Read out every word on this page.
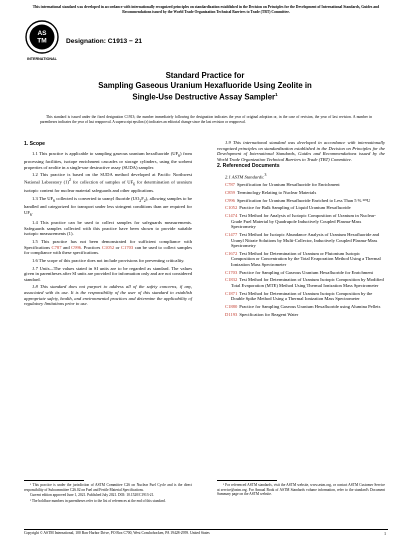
This international standard was developed in accordance with internationally recognized principles on standardization established in the Decision on Principles for the Development of International Standards, Guides and Recommendations issued by the World Trade Organization Technical Barriers to Trade (TBT) Committee.
AS
TM
INTERNATIONAL
Designation: C1913 − 21
Standard Practice for
Sampling Gaseous Uranium Hexafluoride Using Zeolite in
Single-Use Destructive Assay Sampler$^1$

This standard is issued under the fixed designation C1913; the number immediately following the designation indicates the year of original adoption or, in the case of revision, the year of last revision. A number in parentheses indicates the year of last reapproval. A superscript epsilon (ε) indicates an editorial change since the last revision or reapproval.

1. Scope

1.1 This practice is applicable to sampling gaseous uranium hexafluoride $(UF_6)$ from processing facilities, isotope enrichment cascades or storage cylinders, using the sorbent properties of zeolite in a single-use destructive assay (SUDA) sampler.

1.2 This practice is based on the SUDA method developed at Pacific Northwest National Laboratory $(1)^2$ for collection of samples of $UF_6$ for determination of uranium isotopic content for nuclear material safeguards and other applications.

1.3 The $UF_6$ collected is converted to uranyl fluoride $(UO_2F_2)$, allowing samples to be handled and categorized for transport under less stringent conditions than are required for $UF_6$.

1.4 This practice can be used to collect samples for safeguards measurements. Safeguards samples collected with this practice have been shown to provide suitable isotopic measurements (1).

1.5 This practice has not been demonstrated for sufficient compliance with Specifications C787 and C996. Practices C1052 or C1703 can be used to collect samples for compliance with these specifications.

1.6 The scope of this practice does not include provisions for preventing criticality.

1.7 Units—The values stated in SI units are to be regarded as standard. The values given in parentheses after SI units are provided for information only and are not considered standard.

1.8 This standard does not purport to address all of the safety concerns, if any, associated with its use. It is the responsibility of the user of this standard to establish appropriate safety, health, and environmental practices and determine the applicability of regulatory limitations prior to use.

1.9 This international standard was developed in accordance with internationally recognized principles on standardization established in the Decision on Principles for the Development of International Standards, Guides and Recommendations issued by the World Trade Organization Technical Barriers to Trade (TBT) Committee.

2. Referenced Documents

2.1 ASTM Standards:$^3$

C787 Specification for Uranium Hexafluoride for Enrichment

C859 Terminology Relating to Nuclear Materials

C996 Specification for Uranium Hexafluoride Enriched to Less Than 5 % ²³⁵U

C1052 Practice for Bulk Sampling of Liquid Uranium Hexafluoride

C1474 Test Method for Analysis of Isotopic Composition of Uranium in Nuclear-Grade Fuel Material by Quadrupole Inductively Coupled Plasma-Mass Spectrometry

C1477 Test Method for Isotopic Abundance Analysis of Uranium Hexafluoride and Uranyl Nitrate Solutions by Multi-Collector, Inductively Coupled Plasma-Mass Spectrometry

C1672 Test Method for Determination of Uranium or Plutonium Isotopic Composition or Concentration by the Total Evaporation Method Using a Thermal Ionization Mass Spectrometer

C1703 Practice for Sampling of Gaseous Uranium Hexafluoride for Enrichment

C1832 Test Method for Determination of Uranium Isotopic Composition by Modified Total Evaporation (MTE) Method Using Thermal Ionization Mass Spectrometer

C1871 Test Method for Determination of Uranium Isotopic Composition by the Double Spike Method Using a Thermal Ionization Mass Spectrometer

C1880 Practice for Sampling Gaseous Uranium Hexafluoride using Alumina Pellets

D1193 Specification for Reagent Water

¹ This practice is under the jurisdiction of ASTM Committee C26 on Nuclear Fuel Cycle and is the direct responsibility of Subcommittee C26.02 on Fuel and Fertile Material Specifications.

Current edition approved June 1, 2021. Published July 2021. DOI: 10.1520/C1913-21.

² The boldface numbers in parentheses refer to the list of references at the end of this standard.

³ For referenced ASTM standards, visit the ASTM website, www.astm.org, or contact ASTM Customer Service at service@astm.org. For Annual Book of ASTM Standards volume information, refer to the standard's Document Summary page on the ASTM website.

Copyright © ASTM International, 100 Barr Harbor Drive, PO Box C700, West Conshohocken, PA 19428-2959. United States	1
